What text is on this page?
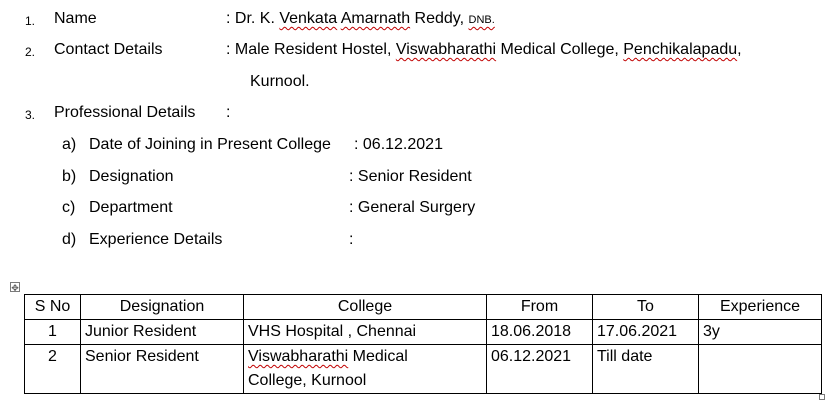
1. Name	: Dr. K. Venkata Amarnath Reddy, DNB.
2. Contact Details	: Male Resident Hostel, Viswabharathi Medical College, Penchikalapadu,
Kurnool.
3. Professional Details :
a) Date of Joining in Present College : 06.12.2021
b) Designation	: Senior Resident
c) Department	: General Surgery
d) Experience Details	:
✥
S No	Designation	College	From	To	Experience
1	Junior Resident	VHS Hospital , Chennai	18.06.2018	17.06.2021	3y
2	Senior Resident	Viswabharathi Medical
College, Kurnool	06.12.2021	Till date	
